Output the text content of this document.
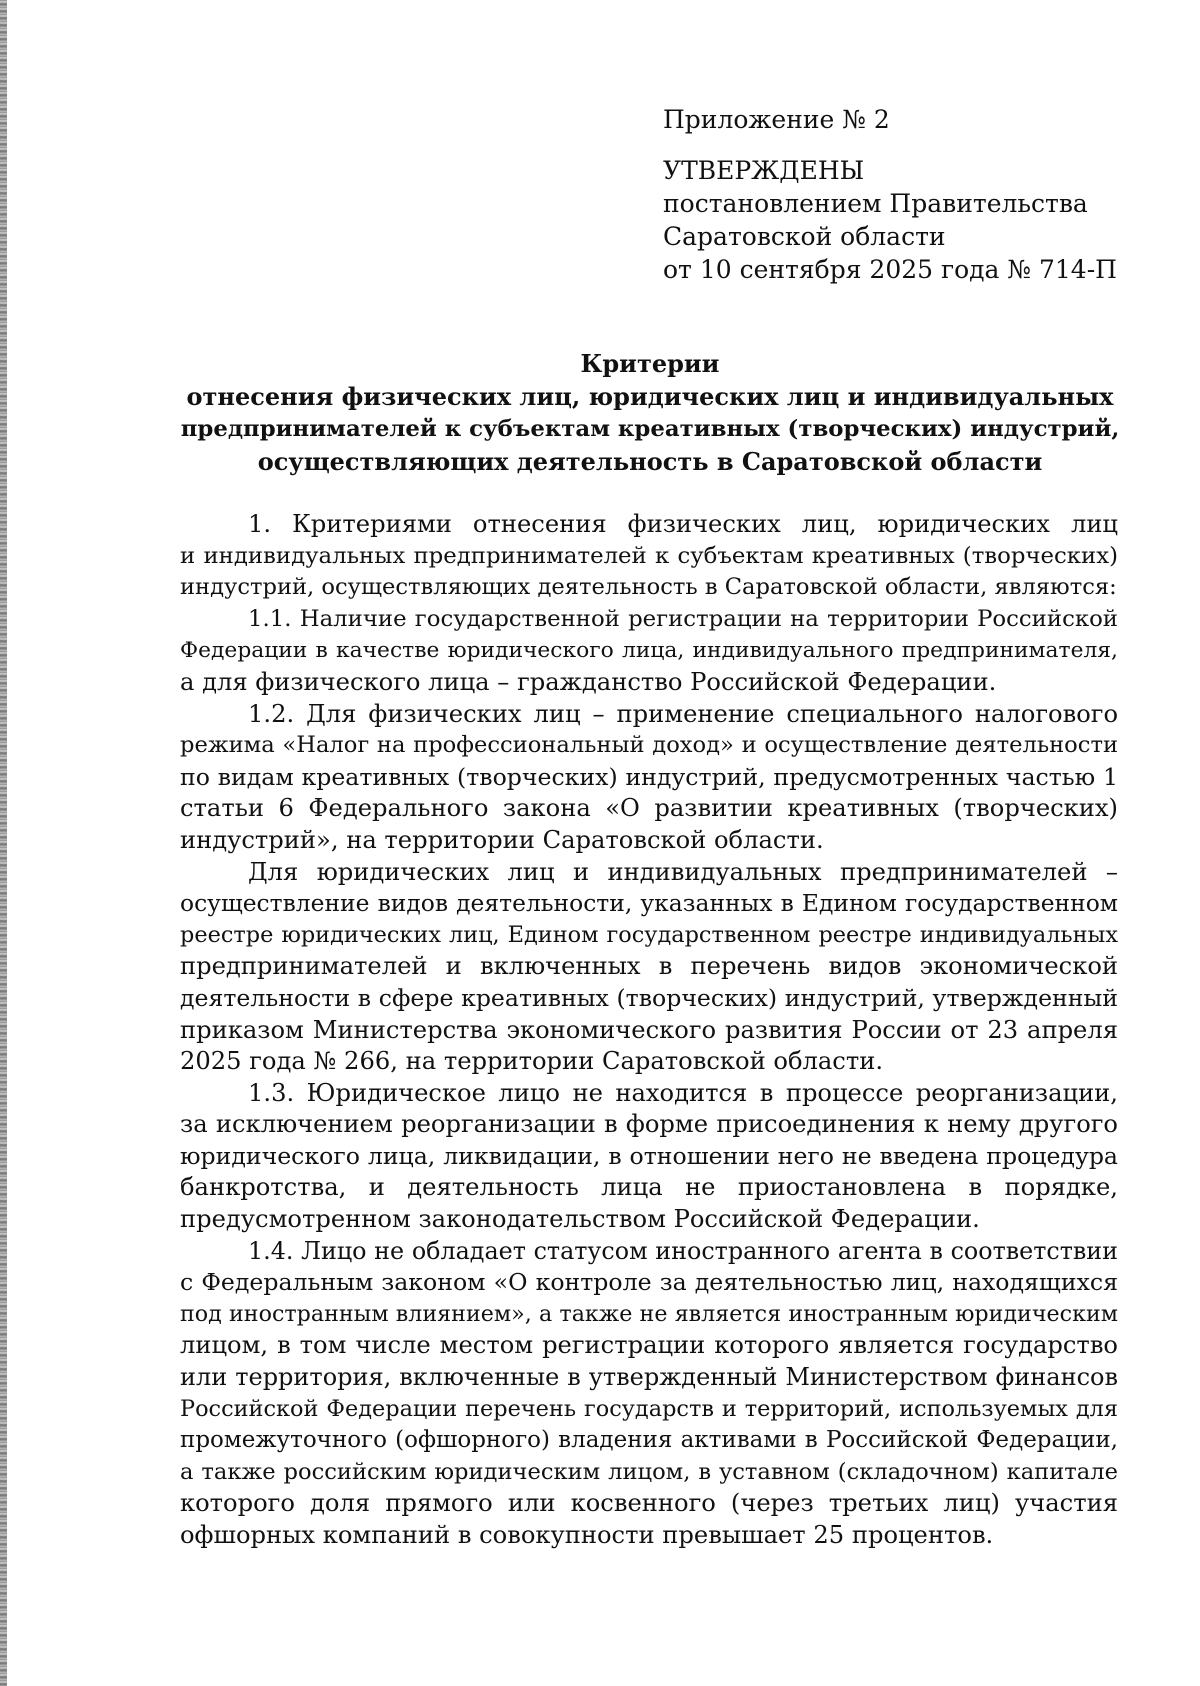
Приложение № 2
УТВЕРЖДЕНЫ
постановлением Правительства
Саратовской области
от 10 сентября 2025 года № 714-П
Критерии
отнесения физических лиц, юридических лиц и индивидуальных
предпринимателей к субъектам креативных (творческих) индустрий,
осуществляющих деятельность в Саратовской области
1. Критериями отнесения физических лиц, юридических лиц
и индивидуальных предпринимателей к субъектам креативных (творческих)
индустрий, осуществляющих деятельность в Саратовской области, являются:
1.1. Наличие государственной регистрации на территории Российской
Федерации в качестве юридического лица, индивидуального предпринимателя,
а для физического лица – гражданство Российской Федерации.
1.2. Для физических лиц – применение специального налогового
режима «Налог на профессиональный доход» и осуществление деятельности
по видам креативных (творческих) индустрий, предусмотренных частью 1
статьи 6 Федерального закона «О развитии креативных (творческих)
индустрий», на территории Саратовской области.
Для юридических лиц и индивидуальных предпринимателей –
осуществление видов деятельности, указанных в Едином государственном
реестре юридических лиц, Едином государственном реестре индивидуальных
предпринимателей и включенных в перечень видов экономической
деятельности в сфере креативных (творческих) индустрий, утвержденный
приказом Министерства экономического развития России от 23 апреля
2025 года № 266, на территории Саратовской области.
1.3. Юридическое лицо не находится в процессе реорганизации,
за исключением реорганизации в форме присоединения к нему другого
юридического лица, ликвидации, в отношении него не введена процедура
банкротства, и деятельность лица не приостановлена в порядке,
предусмотренном законодательством Российской Федерации.
1.4. Лицо не обладает статусом иностранного агента в соответствии
с Федеральным законом «О контроле за деятельностью лиц, находящихся
под иностранным влиянием», а также не является иностранным юридическим
лицом, в том числе местом регистрации которого является государство
или территория, включенные в утвержденный Министерством финансов
Российской Федерации перечень государств и территорий, используемых для
промежуточного (офшорного) владения активами в Российской Федерации,
а также российским юридическим лицом, в уставном (складочном) капитале
которого доля прямого или косвенного (через третьих лиц) участия
офшорных компаний в совокупности превышает 25 процентов.
